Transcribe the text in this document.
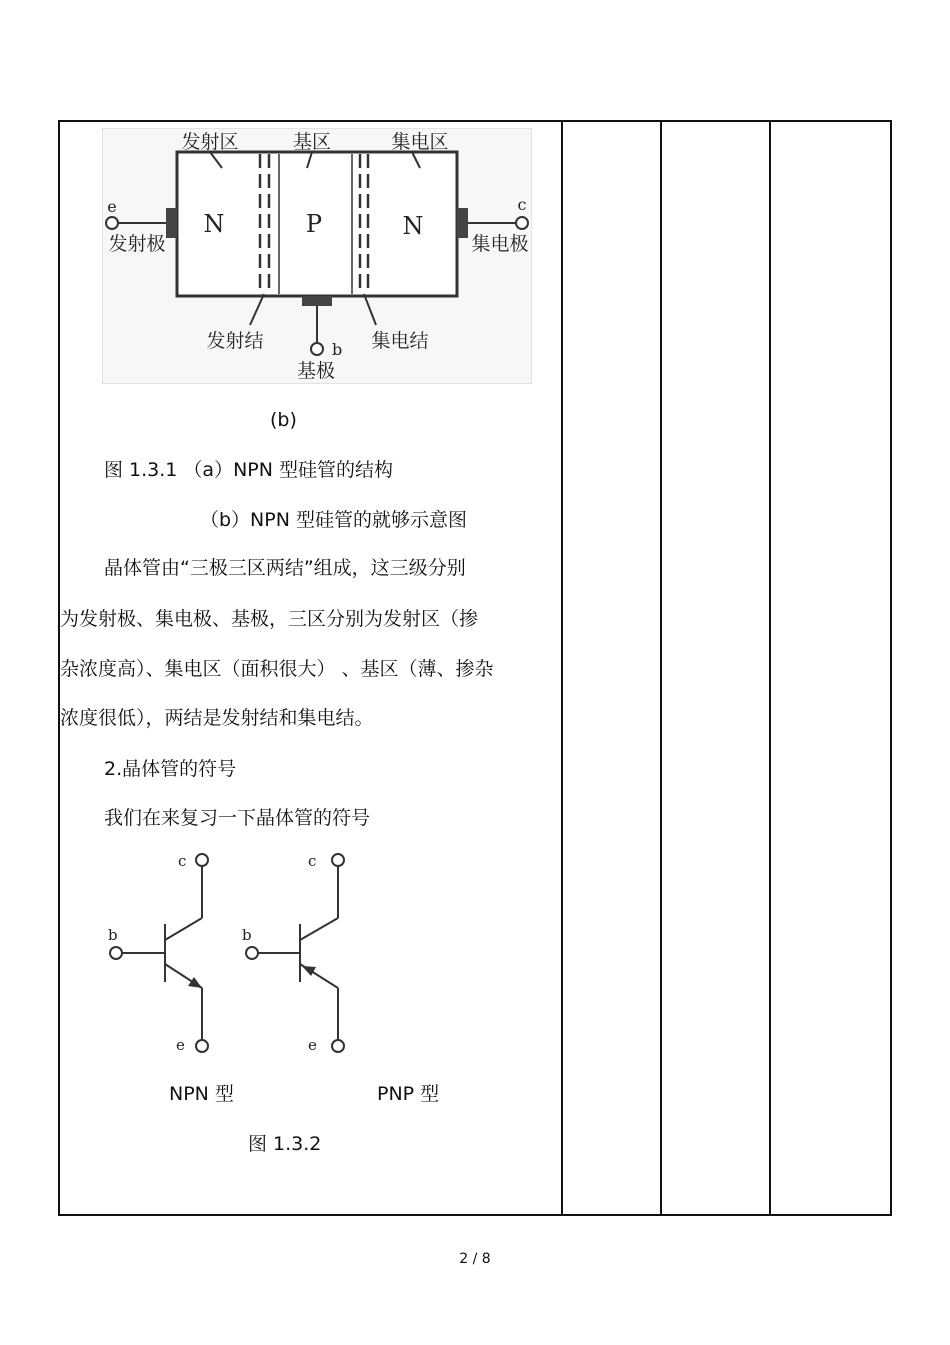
发射区	基区	集电区
N	P	N
e
发射极
c
集电极
b
基极
发射结	集电结
(b)
图 1.3.1 （a）NPN 型硅管的结构
（b）NPN 型硅管的就够示意图
晶体管由“三极三区两结”组成，这三级分别
为发射极、集电极、基极，三区分别为发射区（掺
杂浓度高）、集电区（面积很大） 、基区（薄、掺杂
浓度很低），两结是发射结和集电结。
2.晶体管的符号
我们在来复习一下晶体管的符号
c
b
e
c
b
e
NPN 型	PNP 型
图 1.3.2
2 / 8
